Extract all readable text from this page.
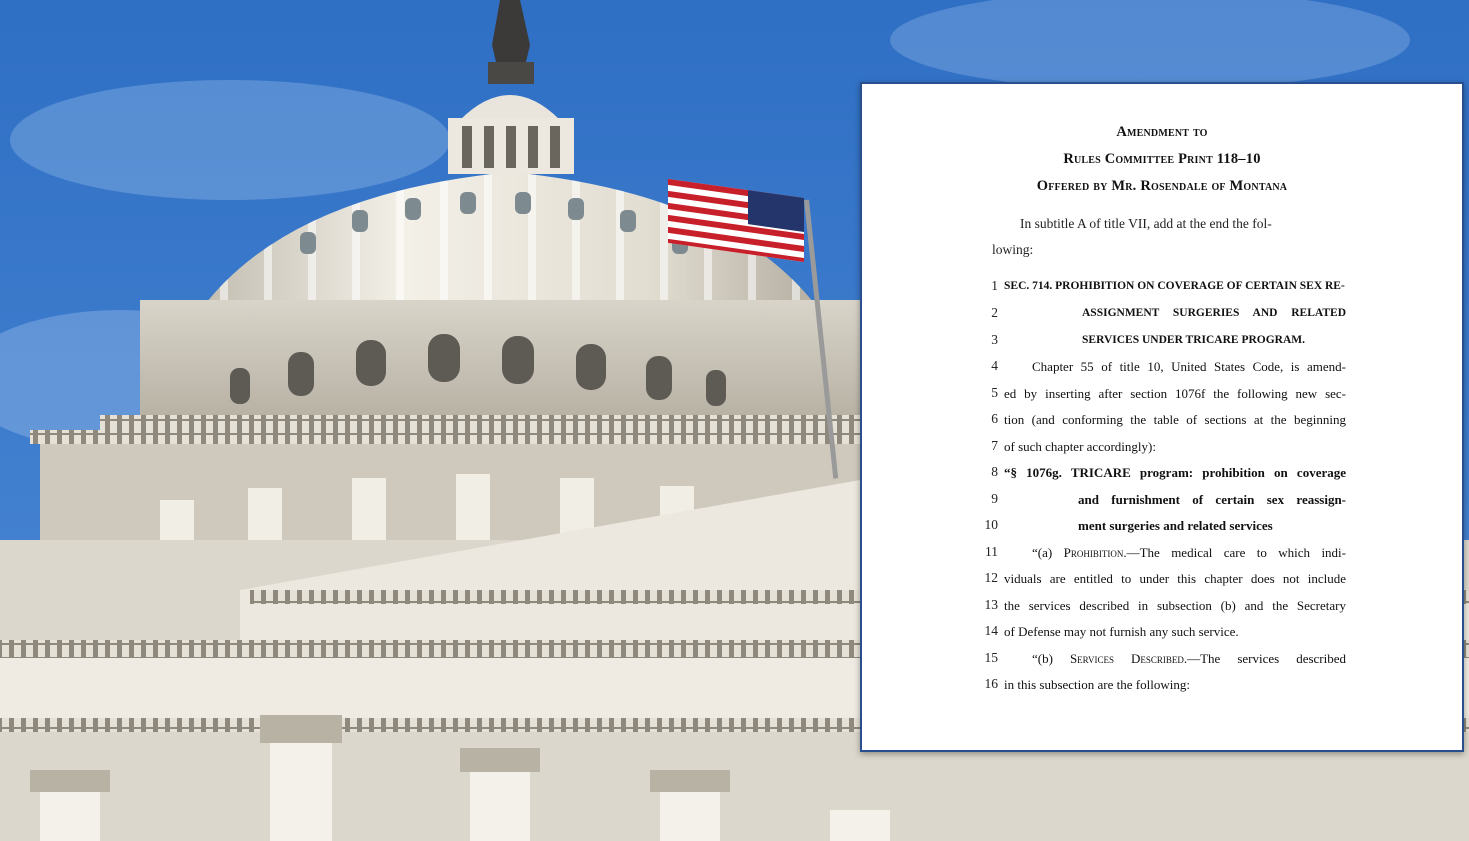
Amendment to
Rules Committee Print 118–10
Offered by Mr. Rosendale of Montana
In subtitle A of title VII, add at the end the fol-
lowing:
1 SEC. 714. PROHIBITION ON COVERAGE OF CERTAIN SEX RE-
2	ASSIGNMENT SURGERIES AND RELATED
3	SERVICES UNDER TRICARE PROGRAM.
4	Chapter 55 of title 10, United States Code, is amend-
5 ed by inserting after section 1076f the following new sec-
6 tion (and conforming the table of sections at the beginning
7 of such chapter accordingly):
8 “§ 1076g. TRICARE program: prohibition on coverage
9	and furnishment of certain sex reassign-
10	ment surgeries and related services
11	“(a) Prohibition.—The medical care to which indi-
12 viduals are entitled to under this chapter does not include
13 the services described in subsection (b) and the Secretary
14 of Defense may not furnish any such service.
15	“(b) Services Described.—The services described
16 in this subsection are the following:
